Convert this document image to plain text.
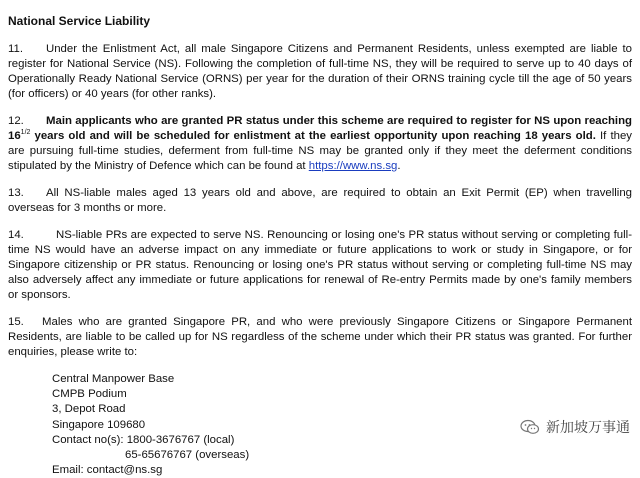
National Service Liability

11. Under the Enlistment Act, all male Singapore Citizens and Permanent Residents, unless exempted are liable to register for National Service (NS). Following the completion of full-time NS, they will be required to serve up to 40 days of Operationally Ready National Service (ORNS) per year for the duration of their ORNS training cycle till the age of 50 years (for officers) or 40 years (for other ranks).

12. Main applicants who are granted PR status under this scheme are required to register for NS upon reaching $16^{1/2}$ years old and will be scheduled for enlistment at the earliest opportunity upon reaching 18 years old. If they are pursuing full-time studies, deferment from full-time NS may be granted only if they meet the deferment conditions stipulated by the Ministry of Defence which can be found at https://www.ns.sg.

13. All NS-liable males aged 13 years old and above, are required to obtain an Exit Permit (EP) when travelling overseas for 3 months or more.

14.	NS-liable PRs are expected to serve NS. Renouncing or losing one's PR status without serving or completing full-time NS would have an adverse impact on any immediate or future applications to work or study in Singapore, or for Singapore citizenship or PR status. Renouncing or losing one's PR status without serving or completing full-time NS may also adversely affect any immediate or future applications for renewal of Re-entry Permits made by one's family members or sponsors.

15. Males who are granted Singapore PR, and who were previously Singapore Citizens or Singapore Permanent Residents, are liable to be called up for NS regardless of the scheme under which their PR status was granted. For further enquiries, please write to:

Central Manpower Base
CMPB Podium
3, Depot Road
Singapore 109680
Contact no(s): 1800-3676767 (local)
65-65676767 (overseas)
Email: contact@ns.sg
新加坡万事通
